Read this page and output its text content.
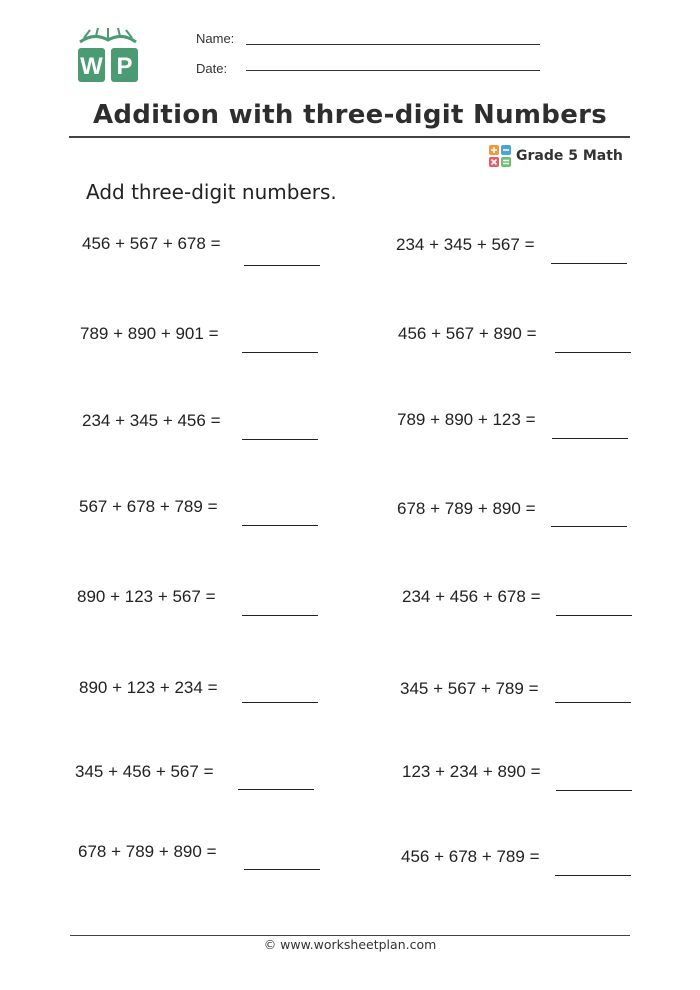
W P
Name:
Date:
Addition with three-digit Numbers
Grade 5 Math
Add three-digit numbers.
456 + 567 + 678 =
789 + 890 + 901 =
234 + 345 + 456 =
567 + 678 + 789 =
890 + 123 + 567 =
890 + 123 + 234 =
345 + 456 + 567 =
678 + 789 + 890 =
234 + 345 + 567 =
456 + 567 + 890 =
789 + 890 + 123 =
678 + 789 + 890 =
234 + 456 + 678 =
345 + 567 + 789 =
123 + 234 + 890 =
456 + 678 + 789 =
© www.worksheetplan.com
